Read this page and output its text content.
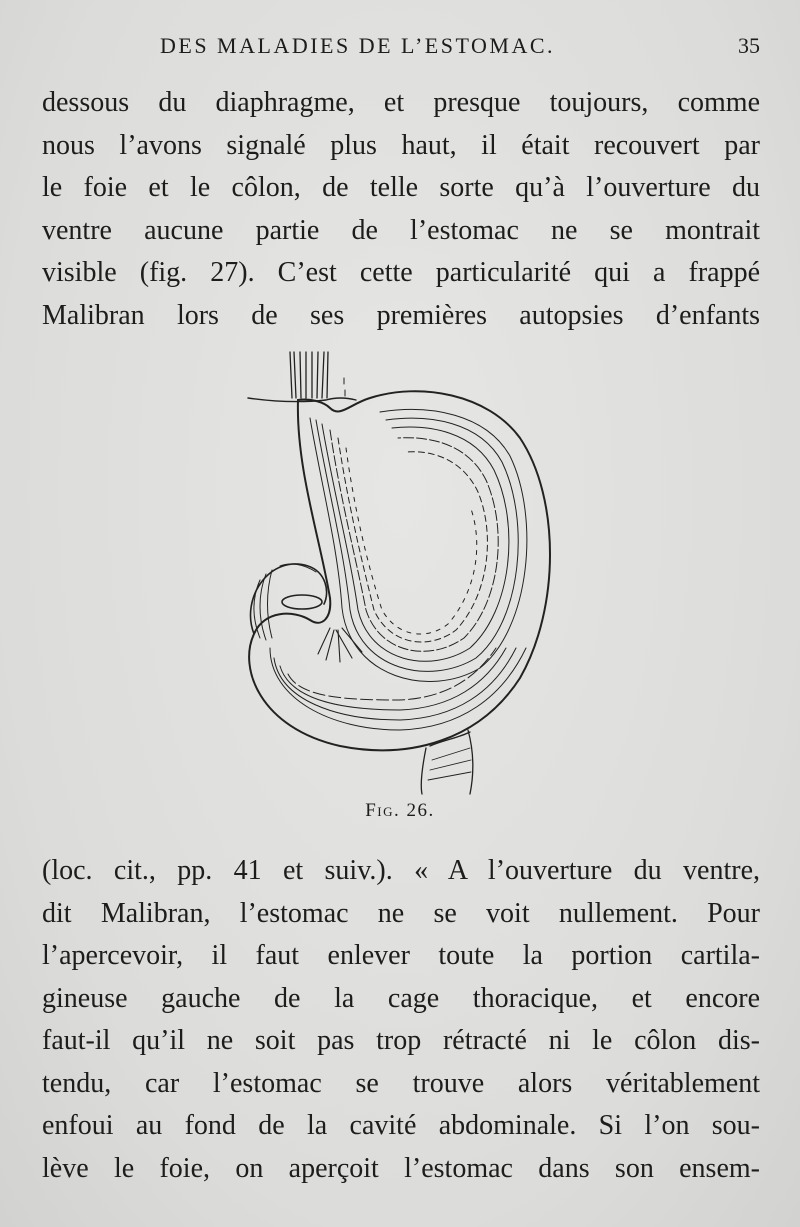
DES MALADIES DE L’ESTOMAC.	35
dessous du diaphragme, et presque toujours, comme
nous l’avons signalé plus haut, il était recouvert par
le foie et le côlon, de telle sorte qu’à l’ouverture du
ventre aucune partie de l’estomac ne se montrait
visible (fig. 27). C’est cette particularité qui a frappé
Malibran lors de ses premières autopsies d’enfants
Fig. 26.
(loc. cit., pp. 41 et suiv.). « A l’ouverture du ventre,
dit Malibran, l’estomac ne se voit nullement. Pour
l’apercevoir, il faut enlever toute la portion cartila-
gineuse gauche de la cage thoracique, et encore
faut-il qu’il ne soit pas trop rétracté ni le côlon dis-
tendu, car l’estomac se trouve alors véritablement
enfoui au fond de la cavité abdominale. Si l’on sou-
lève le foie, on aperçoit l’estomac dans son ensem-
